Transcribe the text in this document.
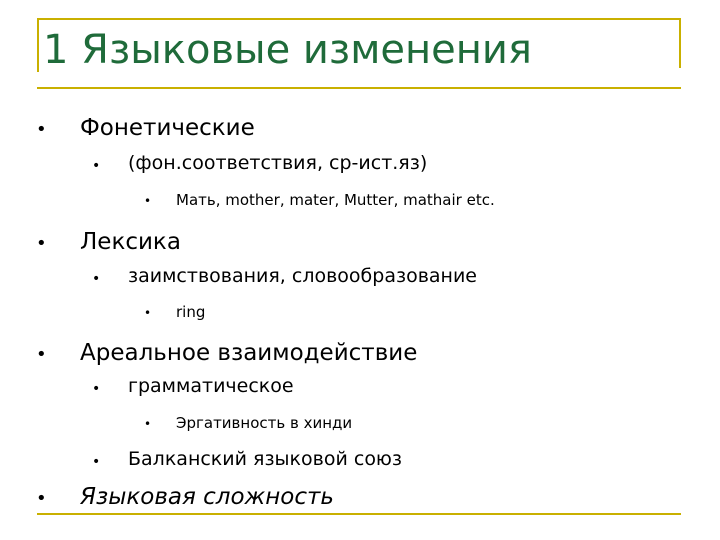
1 Языковые изменения
• Фонетические
• (фон.соответствия, ср-ист.яз)
• Мать, mother, mater, Mutter, mathair etc.
• Лексика
• заимствования, словообразование
• ring
• Ареальное взаимодействие
• грамматическое
• Эргативность в хинди
• Балканский языковой союз
• Языковая сложность
